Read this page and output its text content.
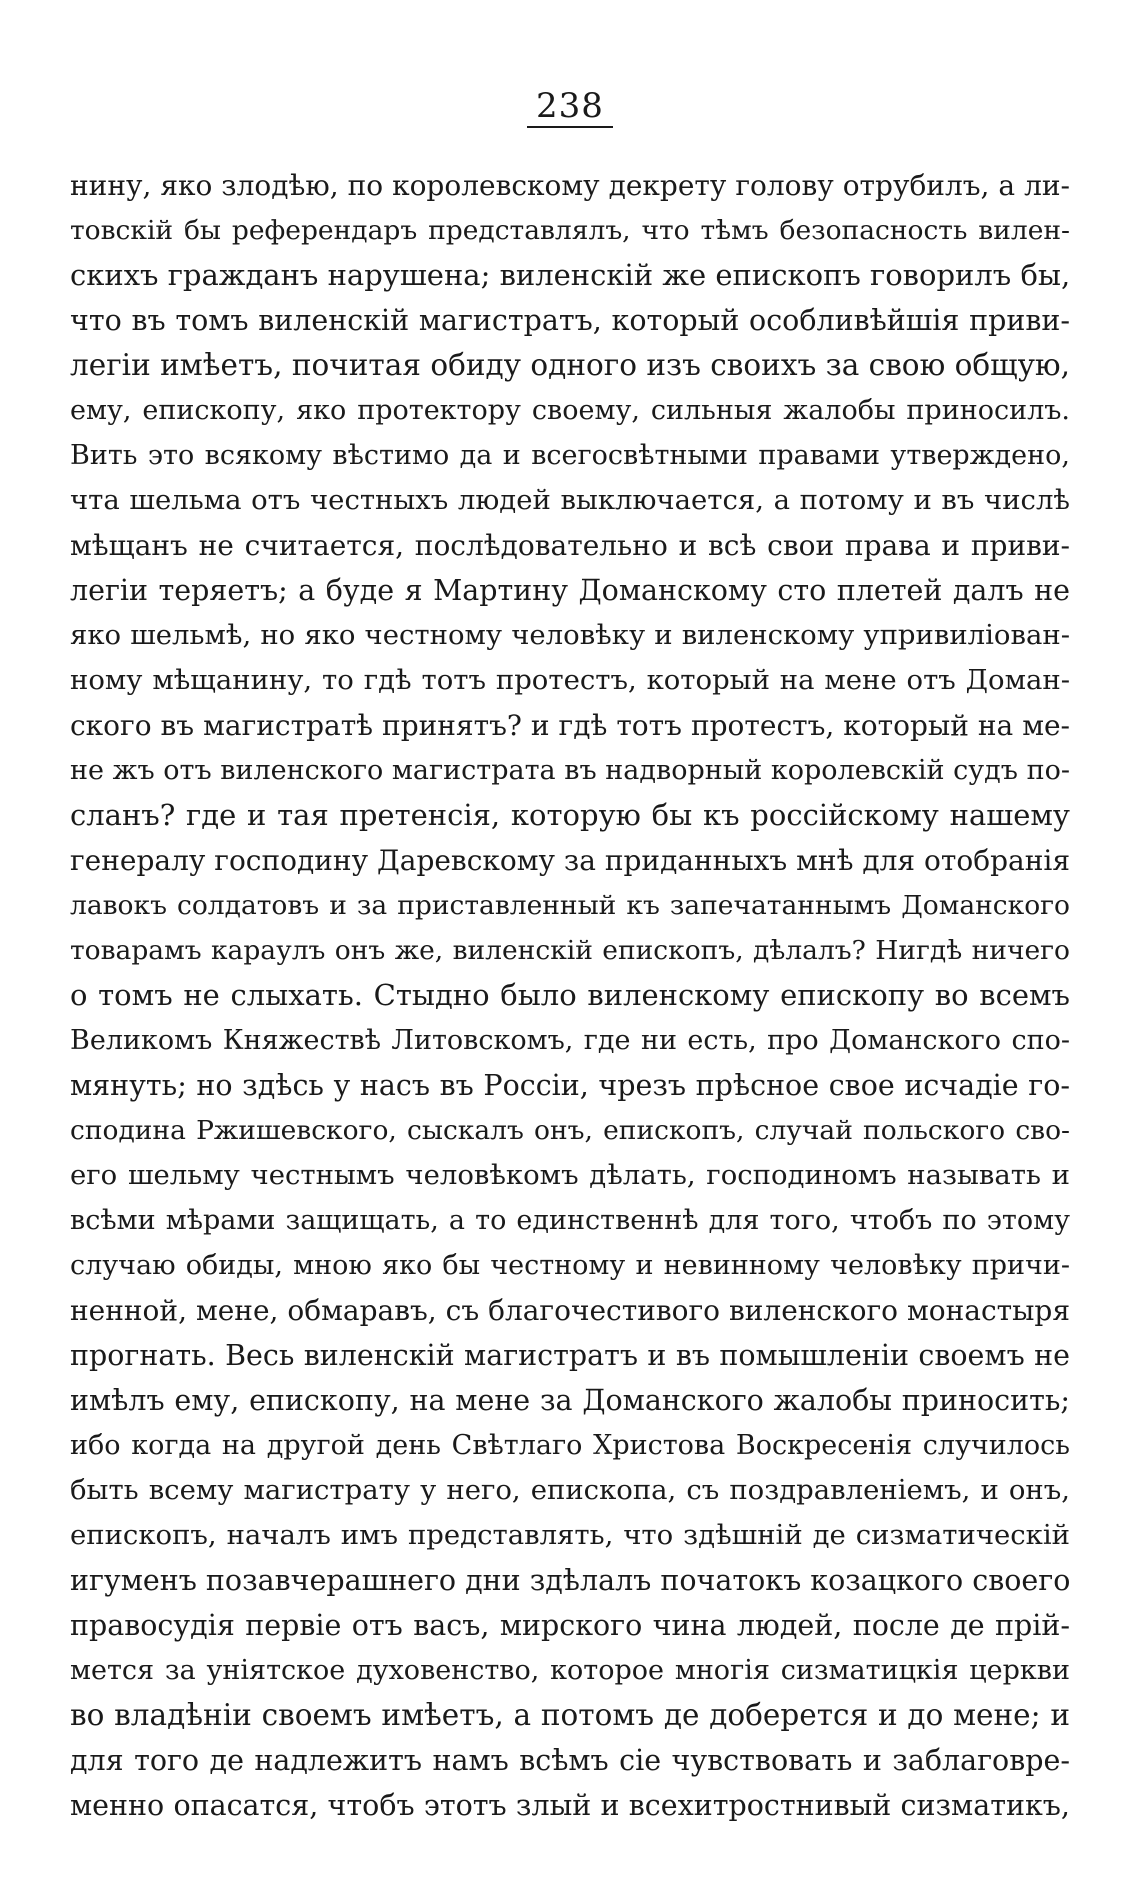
238
нину, яко злодѣю, по королевскому декрету голову отрубилъ, а ли-
товскій бы референдаръ представлялъ, что тѣмъ безопасность вилен-
скихъ гражданъ нарушена; виленскій же епископъ говорилъ бы,
что въ томъ виленскій магистратъ, который особливѣйшія приви-
легіи имѣетъ, почитая обиду одного изъ своихъ за свою общую,
ему, епископу, яко протектору своему, сильныя жалобы приносилъ.
Вить это всякому вѣстимо да и всегосвѣтными правами утверждено,
чта шельма отъ честныхъ людей выключается, а потому и въ числѣ
мѣщанъ не считается, послѣдовательно и всѣ свои права и приви-
легіи теряетъ; а буде я Мартину Доманскому сто плетей далъ не
яко шельмѣ, но яко честному человѣку и виленскому упривиліован-
ному мѣщанину, то гдѣ тотъ протестъ, который на мене отъ Доман-
ского въ магистратѣ принятъ? и гдѣ тотъ протестъ, который на ме-
не жъ отъ виленского магистрата въ надворный королевскій судъ по-
сланъ? где и тая претенсія, которую бы къ россійскому нашему
генералу господину Даревскому за приданныхъ мнѣ для отобранія
лавокъ солдатовъ и за приставленный къ запечатаннымъ Доманского
товарамъ караулъ онъ же, виленскій епископъ, дѣлалъ? Нигдѣ ничего
о томъ не слыхать. Стыдно было виленскому епископу во всемъ
Великомъ Княжествѣ Литовскомъ, где ни есть, про Доманского спо-
мянуть; но здѣсь у насъ въ Россіи, чрезъ прѣсное свое исчадіе го-
сподина Ржишевского, сыскалъ онъ, епископъ, случай польского сво-
его шельму честнымъ человѣкомъ дѣлать, господиномъ называть и
всѣми мѣрами защищать, а то единственнѣ для того, чтобъ по этому
случаю обиды, мною яко бы честному и невинному человѣку причи-
ненной, мене, обмаравъ, съ благочестивого виленского монастыря
прогнать. Весь виленскій магистратъ и въ помышленіи своемъ не
имѣлъ ему, епископу, на мене за Доманского жалобы приносить;
ибо когда на другой день Свѣтлаго Христова Воскресенія случилось
быть всему магистрату у него, епископа, съ поздравленіемъ, и онъ,
епископъ, началъ имъ представлять, что здѣшній де сизматическій
игуменъ позавчерашнего дни здѣлалъ початокъ козацкого своего
правосудія первіе отъ васъ, мирского чина людей, после де прій-
мется за уніятское духовенство, которое многія сизматицкія церкви
во владѣніи своемъ имѣетъ, а потомъ де доберется и до мене; и
для того де надлежитъ намъ всѣмъ сіе чувствовать и заблаговре-
менно опасатся, чтобъ этотъ злый и всехитростнивый сизматикъ,
